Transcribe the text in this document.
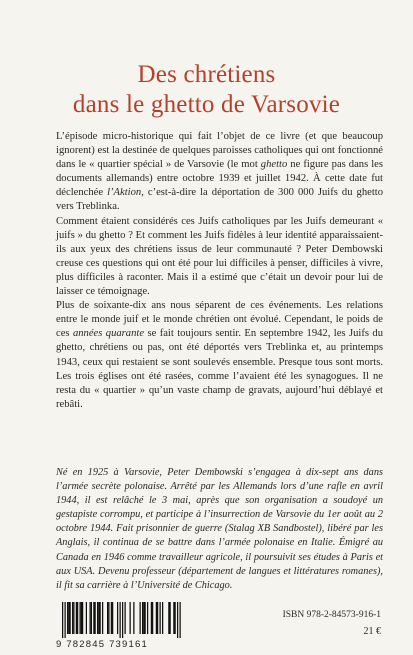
Des chrétiens
dans le ghetto de Varsovie

L’épisode micro-historique qui fait l’objet de ce livre (et que beaucoup ignorent) est la destinée de quelques paroisses catholiques qui ont fonctionné dans le « quartier spécial » de Varsovie (le mot ghetto ne figure pas dans les documents allemands) entre octobre 1939 et juillet 1942. À cette date fut déclenchée l’Aktion, c’est-à-dire la déportation de 300 000 Juifs du ghetto vers Treblinka.

Comment étaient considérés ces Juifs catholiques par les Juifs demeurant « juifs » du ghetto ? Et comment les Juifs fidèles à leur identité apparaissaient-ils aux yeux des chrétiens issus de leur communauté ? Peter Dembowski creuse ces questions qui ont été pour lui difficiles à penser, difficiles à vivre, plus difficiles à raconter. Mais il a estimé que c’était un devoir pour lui de laisser ce témoignage.

Plus de soixante-dix ans nous séparent de ces événements. Les relations entre le monde juif et le monde chrétien ont évolué. Cependant, le poids de ces années quarante se fait toujours sentir. En septembre 1942, les Juifs du ghetto, chrétiens ou pas, ont été déportés vers Treblinka et, au printemps 1943, ceux qui restaient se sont soulevés ensemble. Presque tous sont morts. Les trois églises ont été rasées, comme l’avaient été les synagogues. Il ne resta du « quartier » qu’un vaste champ de gravats, aujourd’hui déblayé et rebâti.

Né en 1925 à Varsovie, Peter Dembowski s’engagea à dix-sept ans dans l’armée secrète polonaise. Arrêté par les Allemands lors d’une rafle en avril 1944, il est relâché le 3 mai, après que son organisation a soudoyé un gestapiste corrompu, et participe à l’insurrection de Varsovie du 1er août au 2 octobre 1944. Fait prisonnier de guerre (Stalag XB Sandbostel), libéré par les Anglais, il continua de se battre dans l’armée polonaise en Italie. Émigré au Canada en 1946 comme travailleur agricole, il poursuivit ses études à Paris et aux USA. Devenu professeur (département de langues et littératures romanes), il fit sa carrière à l’Université de Chicago.

9 782845 739161
ISBN 978-2-84573-916-1
21 €
